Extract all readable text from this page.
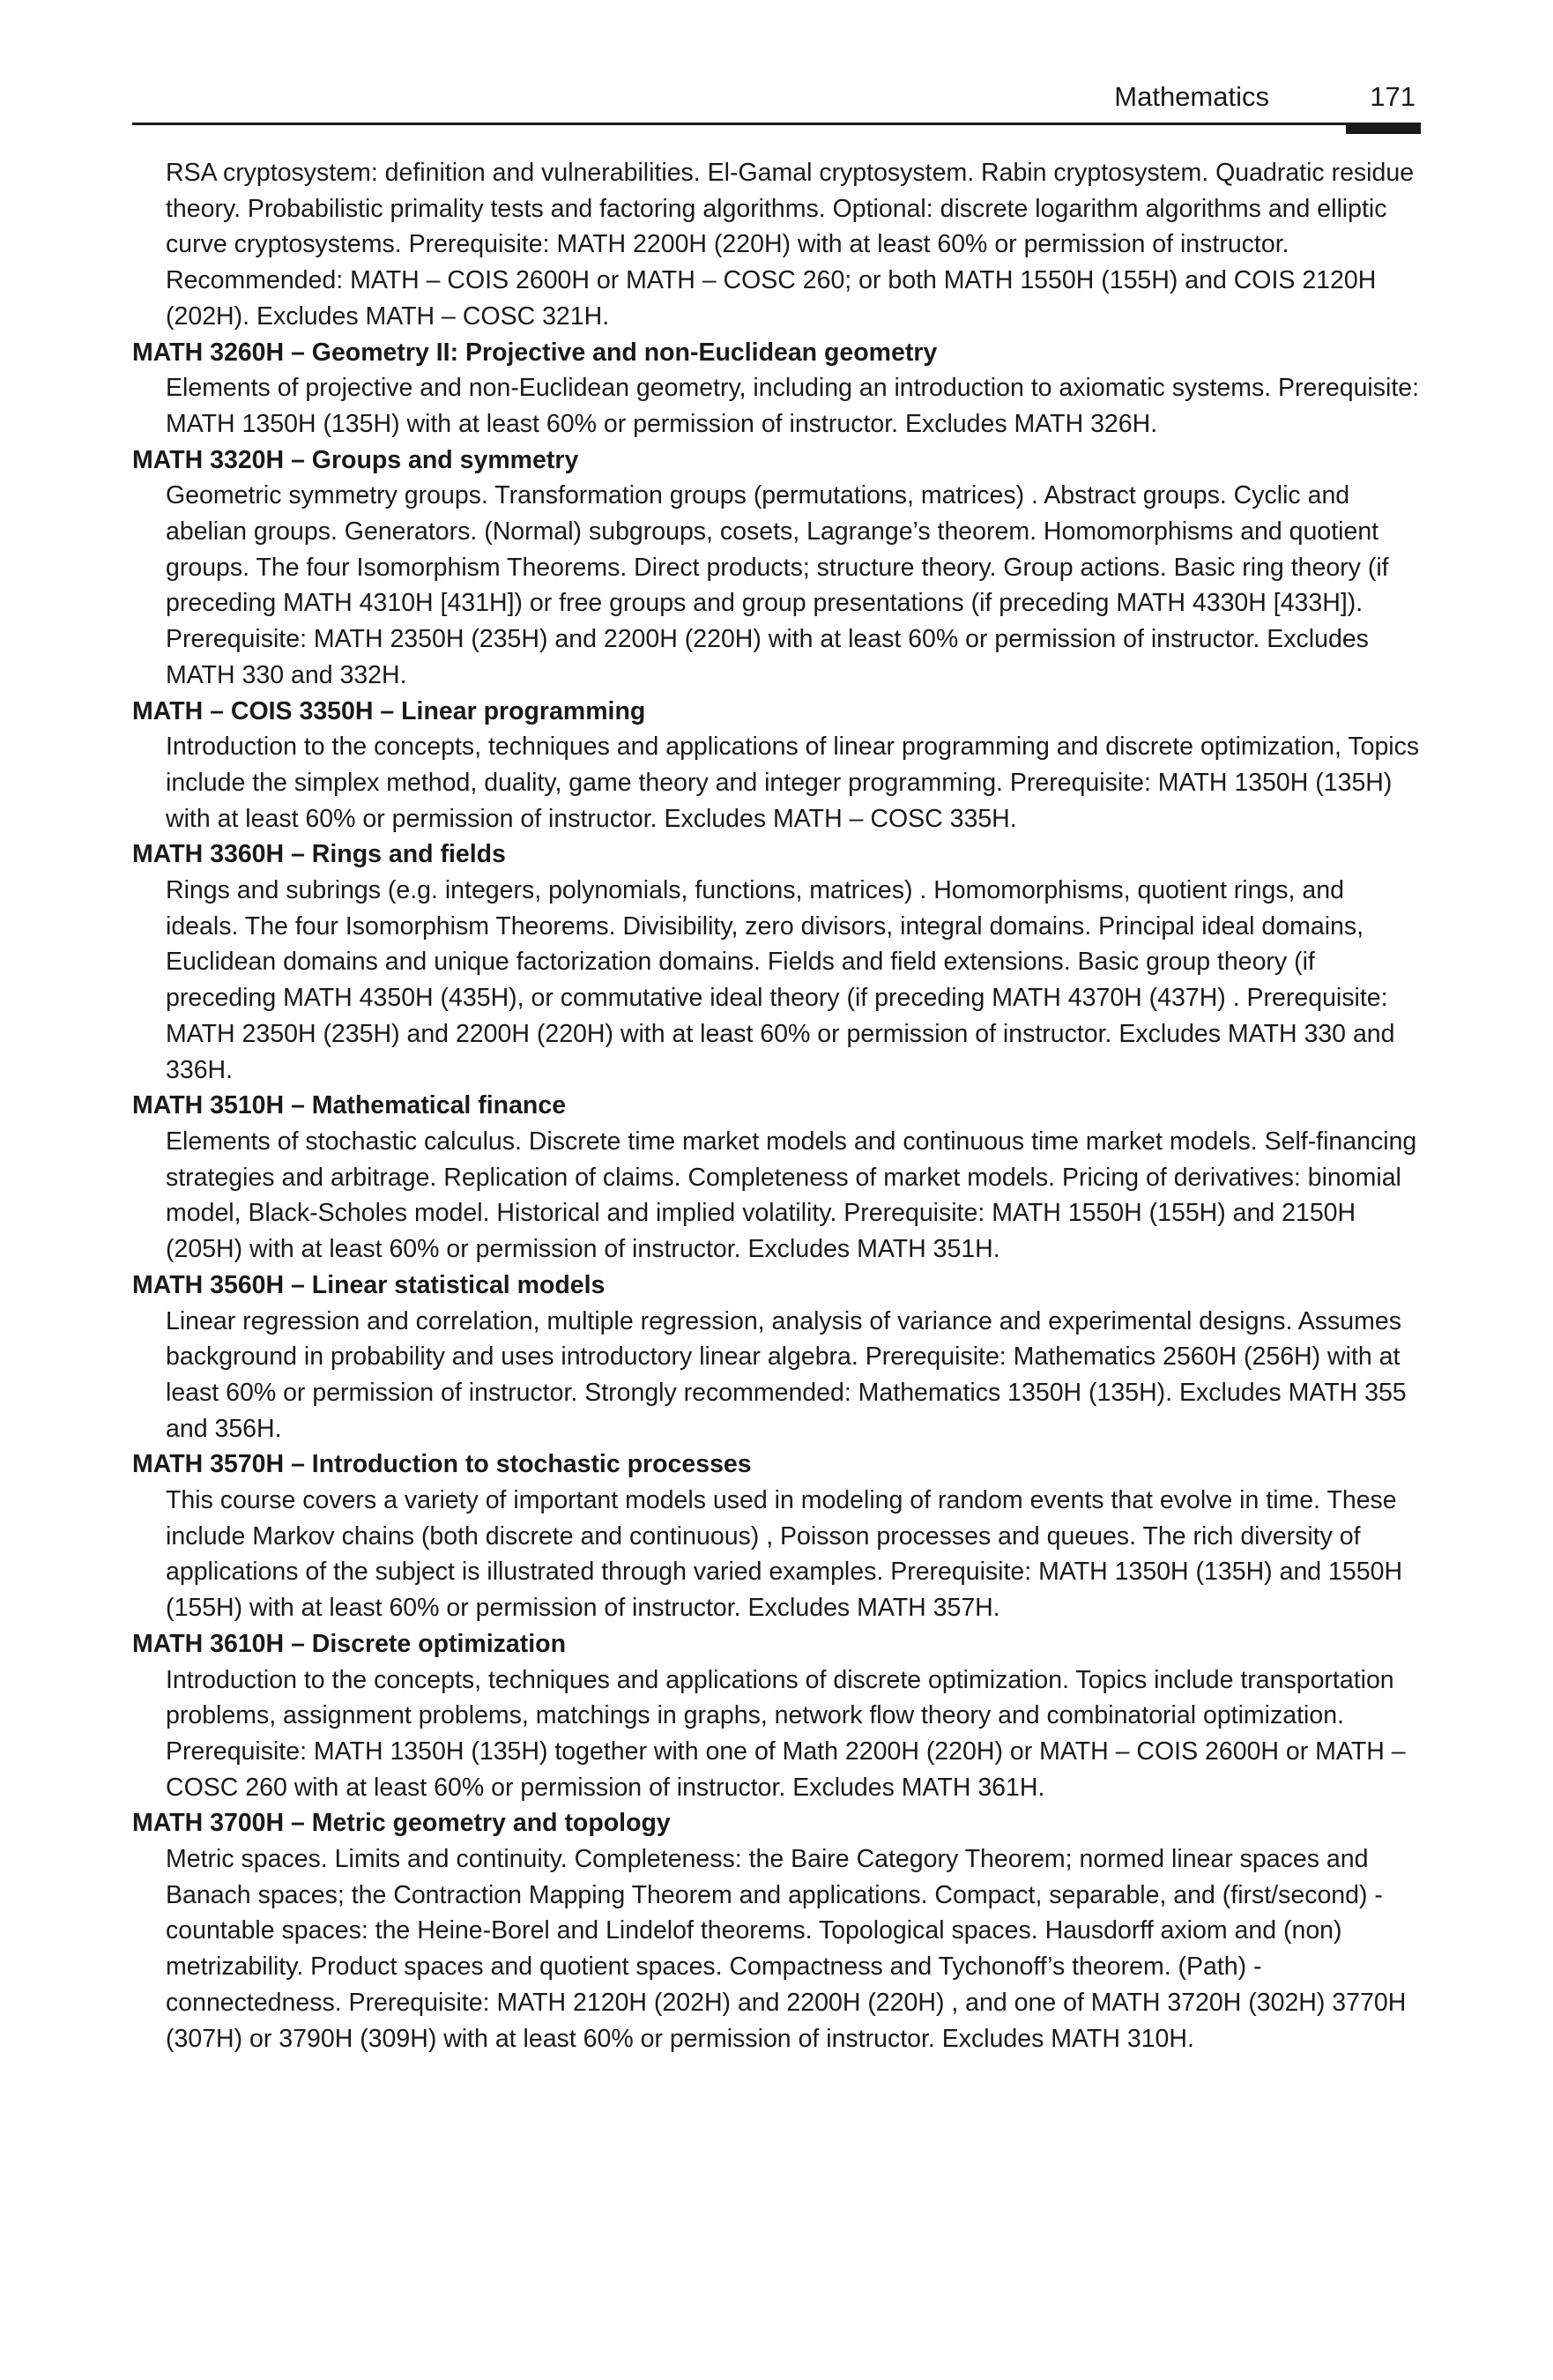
Mathematics	171

RSA cryptosystem: definition and vulnerabilities. El-Gamal cryptosystem. Rabin cryptosystem. Quadratic residue theory. Probabilistic primality tests and factoring algorithms. Optional: discrete logarithm algorithms and elliptic curve cryptosystems. Prerequisite: MATH 2200H (220H) with at least 60% or permission of instructor. Recommended: MATH – COIS 2600H or MATH – COSC 260; or both MATH 1550H (155H) and COIS 2120H (202H). Excludes MATH – COSC 321H.

MATH 3260H – Geometry II: Projective and non-Euclidean geometry

Elements of projective and non-Euclidean geometry, including an introduction to axiomatic systems. Prerequisite: MATH 1350H (135H) with at least 60% or permission of instructor. Excludes MATH 326H.

MATH 3320H – Groups and symmetry

Geometric symmetry groups. Transformation groups (permutations, matrices) . Abstract groups. Cyclic and abelian groups. Generators. (Normal) subgroups, cosets, Lagrange’s theorem. Homomorphisms and quotient groups. The four Isomorphism Theorems. Direct products; structure theory. Group actions. Basic ring theory (if preceding MATH 4310H [431H]) or free groups and group presentations (if preceding MATH 4330H [433H]). Prerequisite: MATH 2350H (235H) and 2200H (220H) with at least 60% or permission of instructor. Excludes MATH 330 and 332H.

MATH – COIS 3350H – Linear programming

Introduction to the concepts, techniques and applications of linear programming and discrete optimization, Topics include the simplex method, duality, game theory and integer programming. Prerequisite: MATH 1350H (135H) with at least 60% or permission of instructor. Excludes MATH – COSC 335H.

MATH 3360H – Rings and fields

Rings and subrings (e.g. integers, polynomials, functions, matrices) . Homomorphisms, quotient rings, and ideals. The four Isomorphism Theorems. Divisibility, zero divisors, integral domains. Principal ideal domains, Euclidean domains and unique factorization domains. Fields and field extensions. Basic group theory (if preceding MATH 4350H (435H), or commutative ideal theory (if preceding MATH 4370H (437H) . Prerequisite: MATH 2350H (235H) and 2200H (220H) with at least 60% or permission of instructor. Excludes MATH 330 and 336H.

MATH 3510H – Mathematical finance

Elements of stochastic calculus. Discrete time market models and continuous time market models. Self-financing strategies and arbitrage. Replication of claims. Completeness of market models. Pricing of derivatives: binomial model, Black-Scholes model. Historical and implied volatility. Prerequisite: MATH 1550H (155H) and 2150H (205H) with at least 60% or permission of instructor. Excludes MATH 351H.

MATH 3560H – Linear statistical models

Linear regression and correlation, multiple regression, analysis of variance and experimental designs. Assumes background in probability and uses introductory linear algebra. Prerequisite: Mathematics 2560H (256H) with at least 60% or permission of instructor. Strongly recommended: Mathematics 1350H (135H). Excludes MATH 355 and 356H.

MATH 3570H – Introduction to stochastic processes

This course covers a variety of important models used in modeling of random events that evolve in time. These include Markov chains (both discrete and continuous) , Poisson processes and queues. The rich diversity of applications of the subject is illustrated through varied examples. Prerequisite: MATH 1350H (135H) and 1550H (155H) with at least 60% or permission of instructor. Excludes MATH 357H.

MATH 3610H – Discrete optimization

Introduction to the concepts, techniques and applications of discrete optimization. Topics include transportation problems, assignment problems, matchings in graphs, network flow theory and combinatorial optimization. Prerequisite: MATH 1350H (135H) together with one of Math 2200H (220H) or MATH – COIS 2600H or MATH – COSC 260 with at least 60% or permission of instructor. Excludes MATH 361H.

MATH 3700H – Metric geometry and topology

Metric spaces. Limits and continuity. Completeness: the Baire Category Theorem; normed linear spaces and Banach spaces; the Contraction Mapping Theorem and applications. Compact, separable, and (first/second) -countable spaces: the Heine-Borel and Lindelof theorems. Topological spaces. Hausdorff axiom and (non) metrizability. Product spaces and quotient spaces. Compactness and Tychonoff’s theorem. (Path) -connectedness. Prerequisite: MATH 2120H (202H) and 2200H (220H) , and one of MATH 3720H (302H) 3770H (307H) or 3790H (309H) with at least 60% or permission of instructor. Excludes MATH 310H.
